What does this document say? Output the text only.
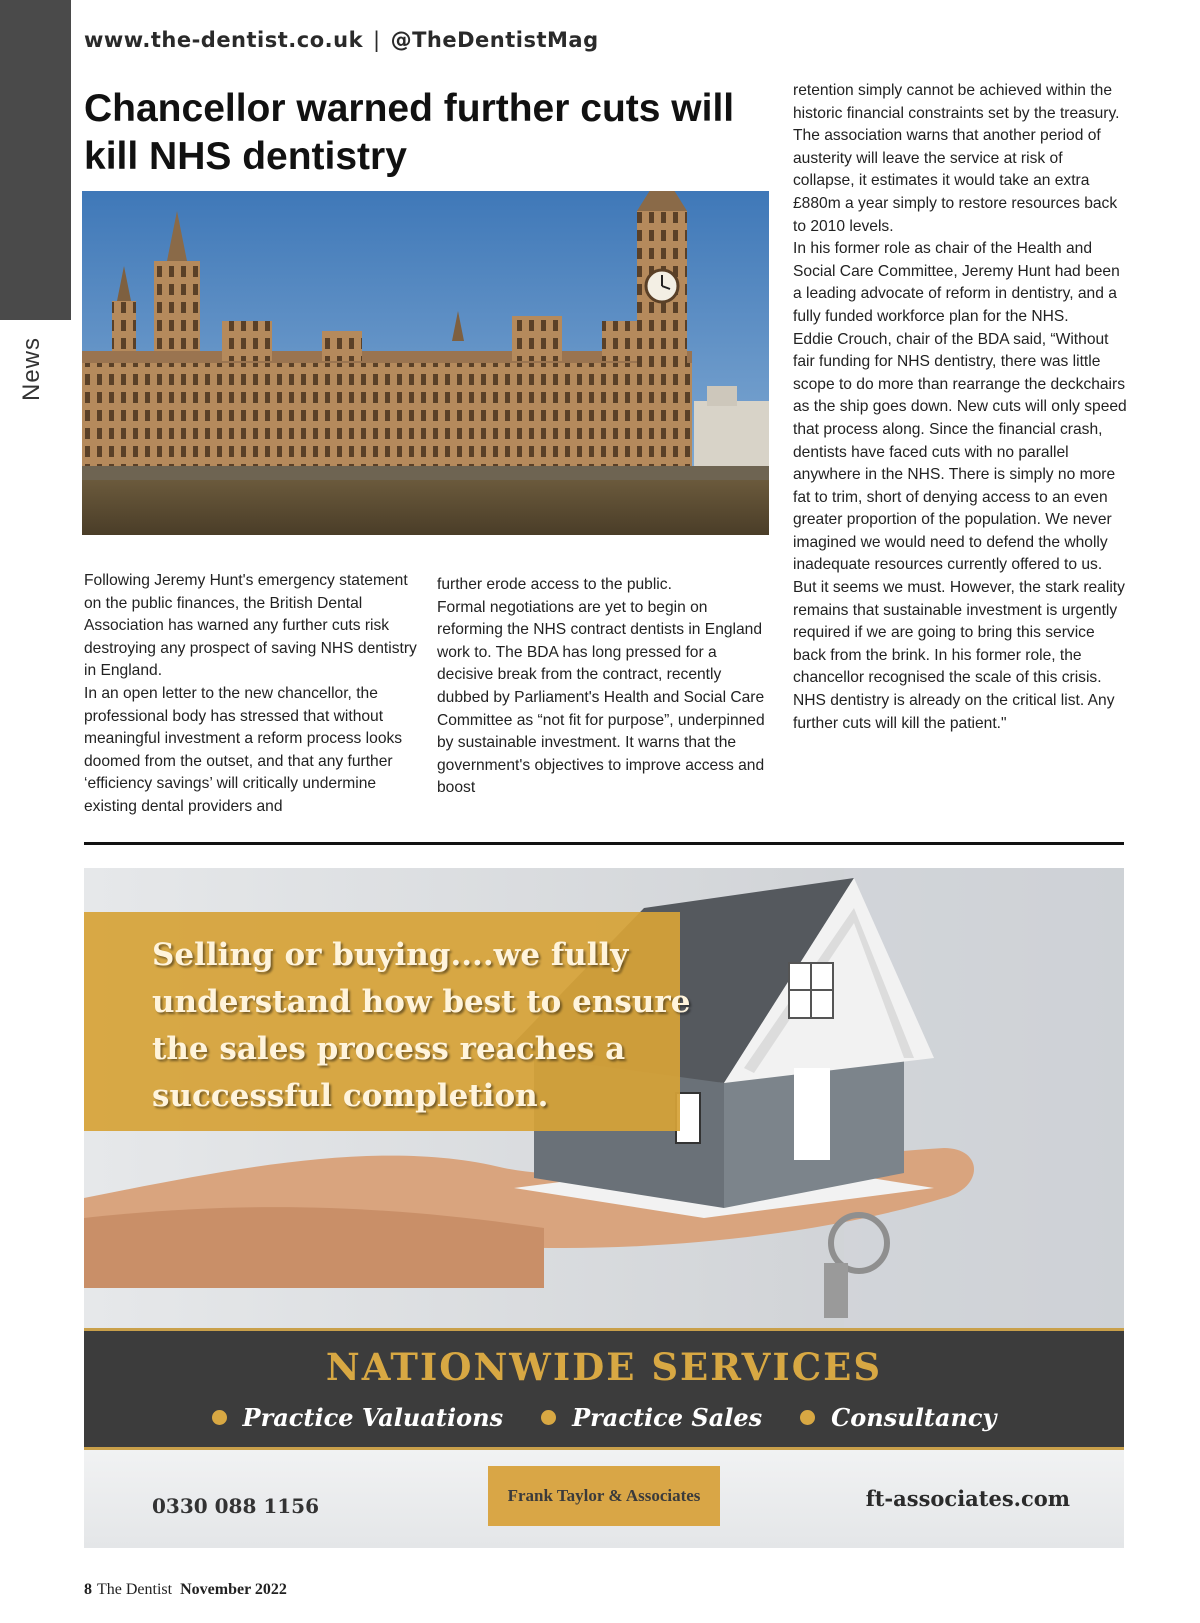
News
www.the-dentist.co.uk | @TheDentistMag
Chancellor warned further cuts will kill NHS dentistry

Following Jeremy Hunt's emergency statement on the public finances, the British Dental Association has warned any further cuts risk destroying any prospect of saving NHS dentistry in England.

In an open letter to the new chancellor, the professional body has stressed that without meaningful investment a reform process looks doomed from the outset, and that any further ‘efficiency savings’ will critically undermine existing dental providers and

further erode access to the public.

Formal negotiations are yet to begin on reforming the NHS contract dentists in England work to. The BDA has long pressed for a decisive break from the contract, recently dubbed by Parliament's Health and Social Care Committee as “not fit for purpose”, underpinned by sustainable investment. It warns that the government's objectives to improve access and boost

retention simply cannot be achieved within the historic financial constraints set by the treasury. The association warns that another period of austerity will leave the service at risk of collapse, it estimates it would take an extra £880m a year simply to restore resources back to 2010 levels.

In his former role as chair of the Health and Social Care Committee, Jeremy Hunt had been a leading advocate of reform in dentistry, and a fully funded workforce plan for the NHS.

Eddie Crouch, chair of the BDA said, “Without fair funding for NHS dentistry, there was little scope to do more than rearrange the deckchairs as the ship goes down. New cuts will only speed that process along. Since the financial crash, dentists have faced cuts with no parallel anywhere in the NHS. There is simply no more fat to trim, short of denying access to an even greater proportion of the population. We never imagined we would need to defend the wholly inadequate resources currently offered to us. But it seems we must. However, the stark reality remains that sustainable investment is urgently required if we are going to bring this service back from the brink. In his former role, the chancellor recognised the scale of this crisis. NHS dentistry is already on the critical list. Any further cuts will kill the patient."

Selling or buying....we fully understand how best to ensure the sales process reaches a successful completion.
NATIONWIDE SERVICES
Practice Valuations	Practice Sales	Consultancy
0330 088 1156	Frank Taylor & Associates	ft-associates.com
8 The Dentist November 2022
